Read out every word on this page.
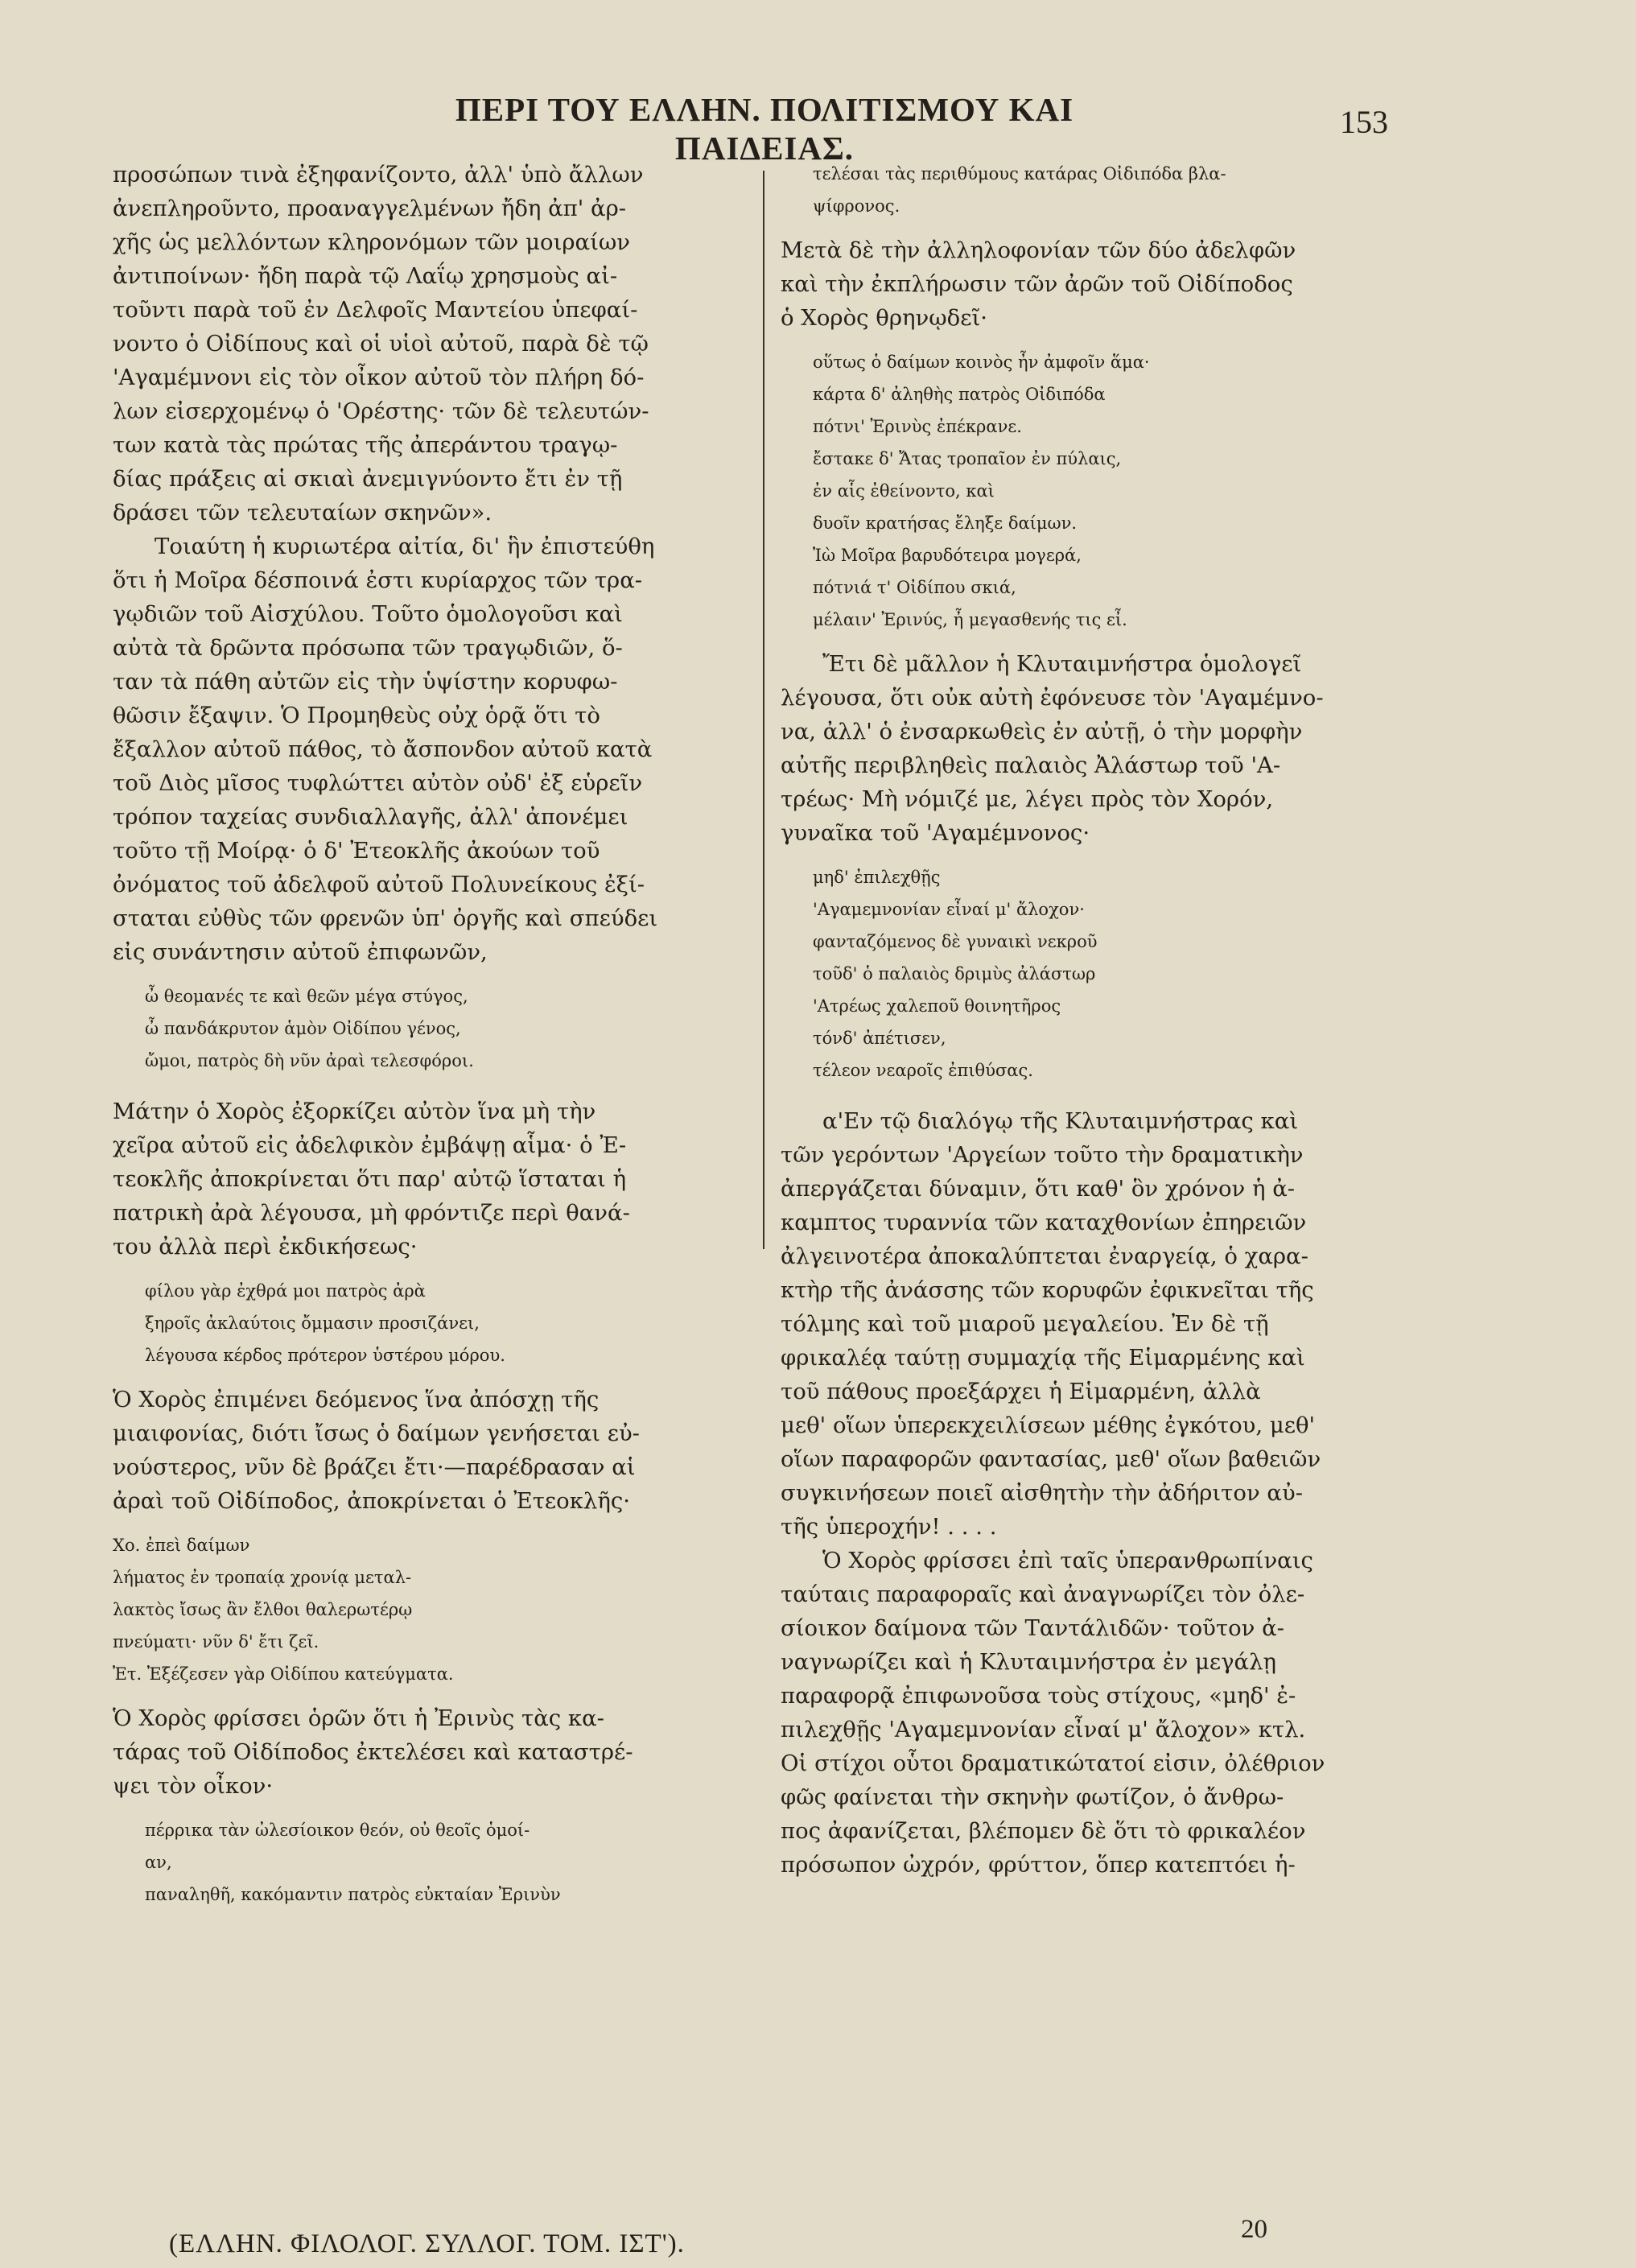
ΠΕΡΙ ΤΟΥ ΕΛΛΗΝ. ΠΟΛΙΤΙΣΜΟΥ ΚΑΙ ΠΑΙΔΕΙΑΣ.
153

προσώπων τινὰ ἐξηφανίζοντο, ἀλλ' ὑπὸ ἄλλων
ἀνεπληροῦντο, προαναγγελμένων ἤδη ἀπ' ἀρ-
χῆς ὡς μελλόντων κληρονόμων τῶν μοιραίων
ἀντιποίνων· ἤδη παρὰ τῷ Λαΐῳ χρησμοὺς αἰ-
τοῦντι παρὰ τοῦ ἐν Δελφοῖς Μαντείου ὑπεφαί-
νοντο ὁ Οἰδίπους καὶ οἱ υἱοὶ αὐτοῦ, παρὰ δὲ τῷ
'Αγαμέμνονι εἰς τὸν οἶκον αὐτοῦ τὸν πλήρη δό-
λων εἰσερχομένῳ ὁ 'Ορέστης· τῶν δὲ τελευτών-
των κατὰ τὰς πρώτας τῆς ἀπεράντου τραγῳ-
δίας πράξεις αἱ σκιαὶ ἀνεμιγνύοντο ἔτι ἐν τῇ
δράσει τῶν τελευταίων σκηνῶν».

Τοιαύτη ἡ κυριωτέρα αἰτία, δι' ἣν ἐπιστεύθη
ὅτι ἡ Μοῖρα δέσποινά ἐστι κυρίαρχος τῶν τρα-
γῳδιῶν τοῦ Αἰσχύλου. Τοῦτο ὁμολογοῦσι καὶ
αὐτὰ τὰ δρῶντα πρόσωπα τῶν τραγῳδιῶν, ὅ-
ταν τὰ πάθη αὐτῶν εἰς τὴν ὑψίστην κορυφω-
θῶσιν ἔξαψιν. Ὁ Προμηθεὺς οὐχ ὁρᾷ ὅτι τὸ
ἔξαλλον αὐτοῦ πάθος, τὸ ἄσπονδον αὐτοῦ κατὰ
τοῦ Διὸς μῖσος τυφλώττει αὐτὸν οὐδ' ἐξ εὑρεῖν
τρόπον ταχείας συνδιαλλαγῆς, ἀλλ' ἀπονέμει
τοῦτο τῇ Μοίρᾳ· ὁ δ' Ἐτεοκλῆς ἀκούων τοῦ
ὀνόματος τοῦ ἀδελφοῦ αὐτοῦ Πολυνείκους ἐξί-
σταται εὐθὺς τῶν φρενῶν ὑπ' ὀργῆς καὶ σπεύδει
εἰς συνάντησιν αὐτοῦ ἐπιφωνῶν,

ὦ θεομανές τε καὶ θεῶν μέγα στύγος,
ὦ πανδάκρυτον ἁμὸν Οἰδίπου γένος,
ὤμοι, πατρὸς δὴ νῦν ἀραὶ τελεσφόροι.

Μάτην ὁ Χορὸς ἐξορκίζει αὐτὸν ἵνα μὴ τὴν
χεῖρα αὐτοῦ εἰς ἀδελφικὸν ἐμβάψῃ αἷμα· ὁ Ἐ-
τεοκλῆς ἀποκρίνεται ὅτι παρ' αὐτῷ ἵσταται ἡ
πατρικὴ ἀρὰ λέγουσα, μὴ φρόντιζε περὶ θανά-
του ἀλλὰ περὶ ἐκδικήσεως·

φίλου γὰρ ἐχθρά μοι πατρὸς ἀρὰ
ξηροῖς ἀκλαύτοις ὄμμασιν προσιζάνει,
λέγουσα κέρδος πρότερον ὑστέρου μόρου.

Ὁ Χορὸς ἐπιμένει δεόμενος ἵνα ἀπόσχῃ τῆς
μιαιφονίας, διότι ἴσως ὁ δαίμων γενήσεται εὐ-
νούστερος, νῦν δὲ βράζει ἔτι·—παρέδρασαν αἱ
ἀραὶ τοῦ Οἰδίποδος, ἀποκρίνεται ὁ Ἐτεοκλῆς·

Χο. ἐπεὶ δαίμων
λήματος ἐν τροπαίᾳ χρονίᾳ μεταλ-
λακτὸς ἴσως ἂν ἔλθοι θαλερωτέρῳ
πνεύματι· νῦν δ' ἔτι ζεῖ.
Ἐτ. Ἐξέζεσεν γὰρ Οἰδίπου κατεύγματα.

Ὁ Χορὸς φρίσσει ὁρῶν ὅτι ἡ Ἐρινὺς τὰς κα-
τάρας τοῦ Οἰδίποδος ἐκτελέσει καὶ καταστρέ-
ψει τὸν οἶκον·

πέρρικα τὰν ὠλεσίοικον θεόν, οὐ θεοῖς ὁμοί-
αν,
παναληθῆ, κακόμαντιν πατρὸς εὐκταίαν Ἐρινὺν

τελέσαι τὰς περιθύμους κατάρας Οἰδιπόδα βλα-
ψίφρονος.

Μετὰ δὲ τὴν ἀλληλοφονίαν τῶν δύο ἀδελφῶν
καὶ τὴν ἐκπλήρωσιν τῶν ἀρῶν τοῦ Οἰδίποδος
ὁ Χορὸς θρηνῳδεῖ·

οὕτως ὁ δαίμων κοινὸς ἦν ἀμφοῖν ἅμα·

κάρτα δ' ἀληθὴς πατρὸς Οἰδιπόδα
πότνι' Ἐρινὺς ἐπέκρανε.

ἔστακε δ' Ἄτας τροπαῖον ἐν πύλαις,
ἐν αἷς ἐθείνοντο, καὶ
δυοῖν κρατήσας ἔληξε δαίμων.

Ἰὼ Μοῖρα βαρυδότειρα μογερά,
πότνιά τ' Οἰδίπου σκιά,
μέλαιν' Ἐρινύς, ἦ μεγασθενής τις εἶ.

Ἔτι δὲ μᾶλλον ἡ Κλυταιμνήστρα ὁμολογεῖ
λέγουσα, ὅτι οὐκ αὐτὴ ἐφόνευσε τὸν 'Αγαμέμνο-
να, ἀλλ' ὁ ἐνσαρκωθεὶς ἐν αὐτῇ, ὁ τὴν μορφὴν
αὐτῆς περιβληθεὶς παλαιὸς Ἀλάστωρ τοῦ 'Α-
τρέως· Μὴ νόμιζέ με, λέγει πρὸς τὸν Χορόν,
γυναῖκα τοῦ 'Αγαμέμνονος·

μηδ' ἐπιλεχθῇς
'Αγαμεμνονίαν εἶναί μ' ἄλοχον·
φανταζόμενος δὲ γυναικὶ νεκροῦ
τοῦδ' ὁ παλαιὸς δριμὺς ἀλάστωρ
'Ατρέως χαλεποῦ θοινητῆρος
τόνδ' ἀπέτισεν,
τέλεον νεαροῖς ἐπιθύσας.

α'Εν τῷ διαλόγῳ τῆς Κλυταιμνήστρας καὶ
τῶν γερόντων 'Αργείων τοῦτο τὴν δραματικὴν
ἀπεργάζεται δύναμιν, ὅτι καθ' ὃν χρόνον ἡ ἀ-
καμπτος τυραννία τῶν καταχθονίων ἐπηρειῶν
ἀλγεινοτέρα ἀποκαλύπτεται ἐναργείᾳ, ὁ χαρα-
κτὴρ τῆς ἀνάσσης τῶν κορυφῶν ἐφικνεῖται τῆς
τόλμης καὶ τοῦ μιαροῦ μεγαλείου. Ἐν δὲ τῇ
φρικαλέᾳ ταύτῃ συμμαχίᾳ τῆς Εἱμαρμένης καὶ
τοῦ πάθους προεξάρχει ἡ Εἱμαρμένη, ἀλλὰ
μεθ' οἵων ὑπερεκχειλίσεων μέθης ἐγκότου, μεθ'
οἵων παραφορῶν φαντασίας, μεθ' οἵων βαθειῶν
συγκινήσεων ποιεῖ αἰσθητὴν τὴν ἀδήριτον αὐ-
τῆς ὑπεροχήν! . . . .

Ὁ Χορὸς φρίσσει ἐπὶ ταῖς ὑπερανθρωπίναις
ταύταις παραφοραῖς καὶ ἀναγνωρίζει τὸν ὀλε-
σίοικον δαίμονα τῶν Ταντάλιδῶν· τοῦτον ἀ-
ναγνωρίζει καὶ ἡ Κλυταιμνήστρα ἐν μεγάλῃ
παραφορᾷ ἐπιφωνοῦσα τοὺς στίχους, «μηδ' ἐ-
πιλεχθῇς 'Αγαμεμνονίαν εἶναί μ' ἄλοχον» κτλ.
Οἱ στίχοι οὗτοι δραματικώτατοί εἰσιν, ὀλέθριον
φῶς φαίνεται τὴν σκηνὴν φωτίζον, ὁ ἄνθρω-
πος ἀφανίζεται, βλέπομεν δὲ ὅτι τὸ φρικαλέον
πρόσωπον ὠχρόν, φρύττον, ὅπερ κατεπτόει ἡ-

(ΕΛΛΗΝ. ΦΙΛΟΛΟΓ. ΣΥΛΛΟΓ. ΤΟΜ. ΙΣΤ').	20
